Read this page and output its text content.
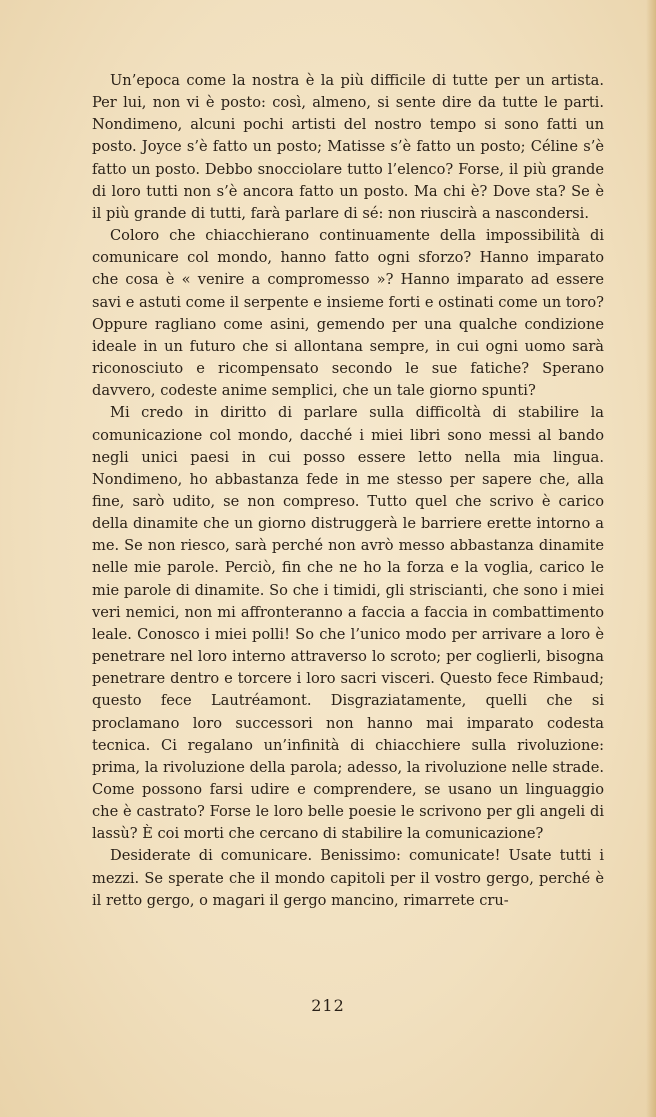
Un’epoca come la nostra è la più difficile di tutte per un artista. Per lui, non vi è posto: così, almeno, si sente dire da tutte le parti. Nondimeno, alcuni pochi artisti del nostro tempo si sono fatti un posto. Joyce s’è fatto un posto; Matisse s’è fatto un posto; Céline s’è fatto un posto. Debbo snocciolare tutto l’elenco? Forse, il più grande di loro tutti non s’è ancora fatto un posto. Ma chi è? Dove sta? Se è il più grande di tutti, farà parlare di sé: non riuscirà a nascondersi.

Coloro che chiacchierano continuamente della impossibilità di comunicare col mondo, hanno fatto ogni sforzo? Hanno imparato che cosa è « venire a compromesso »? Hanno imparato ad essere savi e astuti come il serpente e insieme forti e ostinati come un toro? Oppure ragliano come asini, gemendo per una qualche condizione ideale in un futuro che si allontana sempre, in cui ogni uomo sarà riconosciuto e ricompensato secondo le sue fatiche? Sperano davvero, codeste anime semplici, che un tale giorno spunti?

Mi credo in diritto di parlare sulla difficoltà di stabilire la comunicazione col mondo, dacché i miei libri sono messi al bando negli unici paesi in cui posso essere letto nella mia lingua. Nondimeno, ho abbastanza fede in me stesso per sapere che, alla fine, sarò udito, se non compreso. Tutto quel che scrivo è carico della dinamite che un giorno distruggerà le barriere erette intorno a me. Se non riesco, sarà perché non avrò messo abbastanza dinamite nelle mie parole. Perciò, fin che ne ho la forza e la voglia, carico le mie parole di dinamite. So che i timidi, gli striscianti, che sono i miei veri nemici, non mi affronteranno a faccia a faccia in combattimento leale. Conosco i miei polli! So che l’unico modo per arrivare a loro è penetrare nel loro interno attraverso lo scroto; per coglierli, bisogna penetrare dentro e torcere i loro sacri visceri. Questo fece Rimbaud; questo fece Lautréamont. Disgraziatamente, quelli che si proclamano loro successori non hanno mai imparato codesta tecnica. Ci regalano un’infinità di chiacchiere sulla rivoluzione: prima, la rivoluzione della parola; adesso, la rivoluzione nelle strade. Come possono farsi udire e comprendere, se usano un linguaggio che è castrato? Forse le loro belle poesie le scrivono per gli angeli di lassù? È coi morti che cercano di stabilire la comunicazione?

Desiderate di comunicare. Benissimo: comunicate! Usate tutti i mezzi. Se sperate che il mondo capitoli per il vostro gergo, perché è il retto gergo, o magari il gergo mancino, rimarrete cru-

212
